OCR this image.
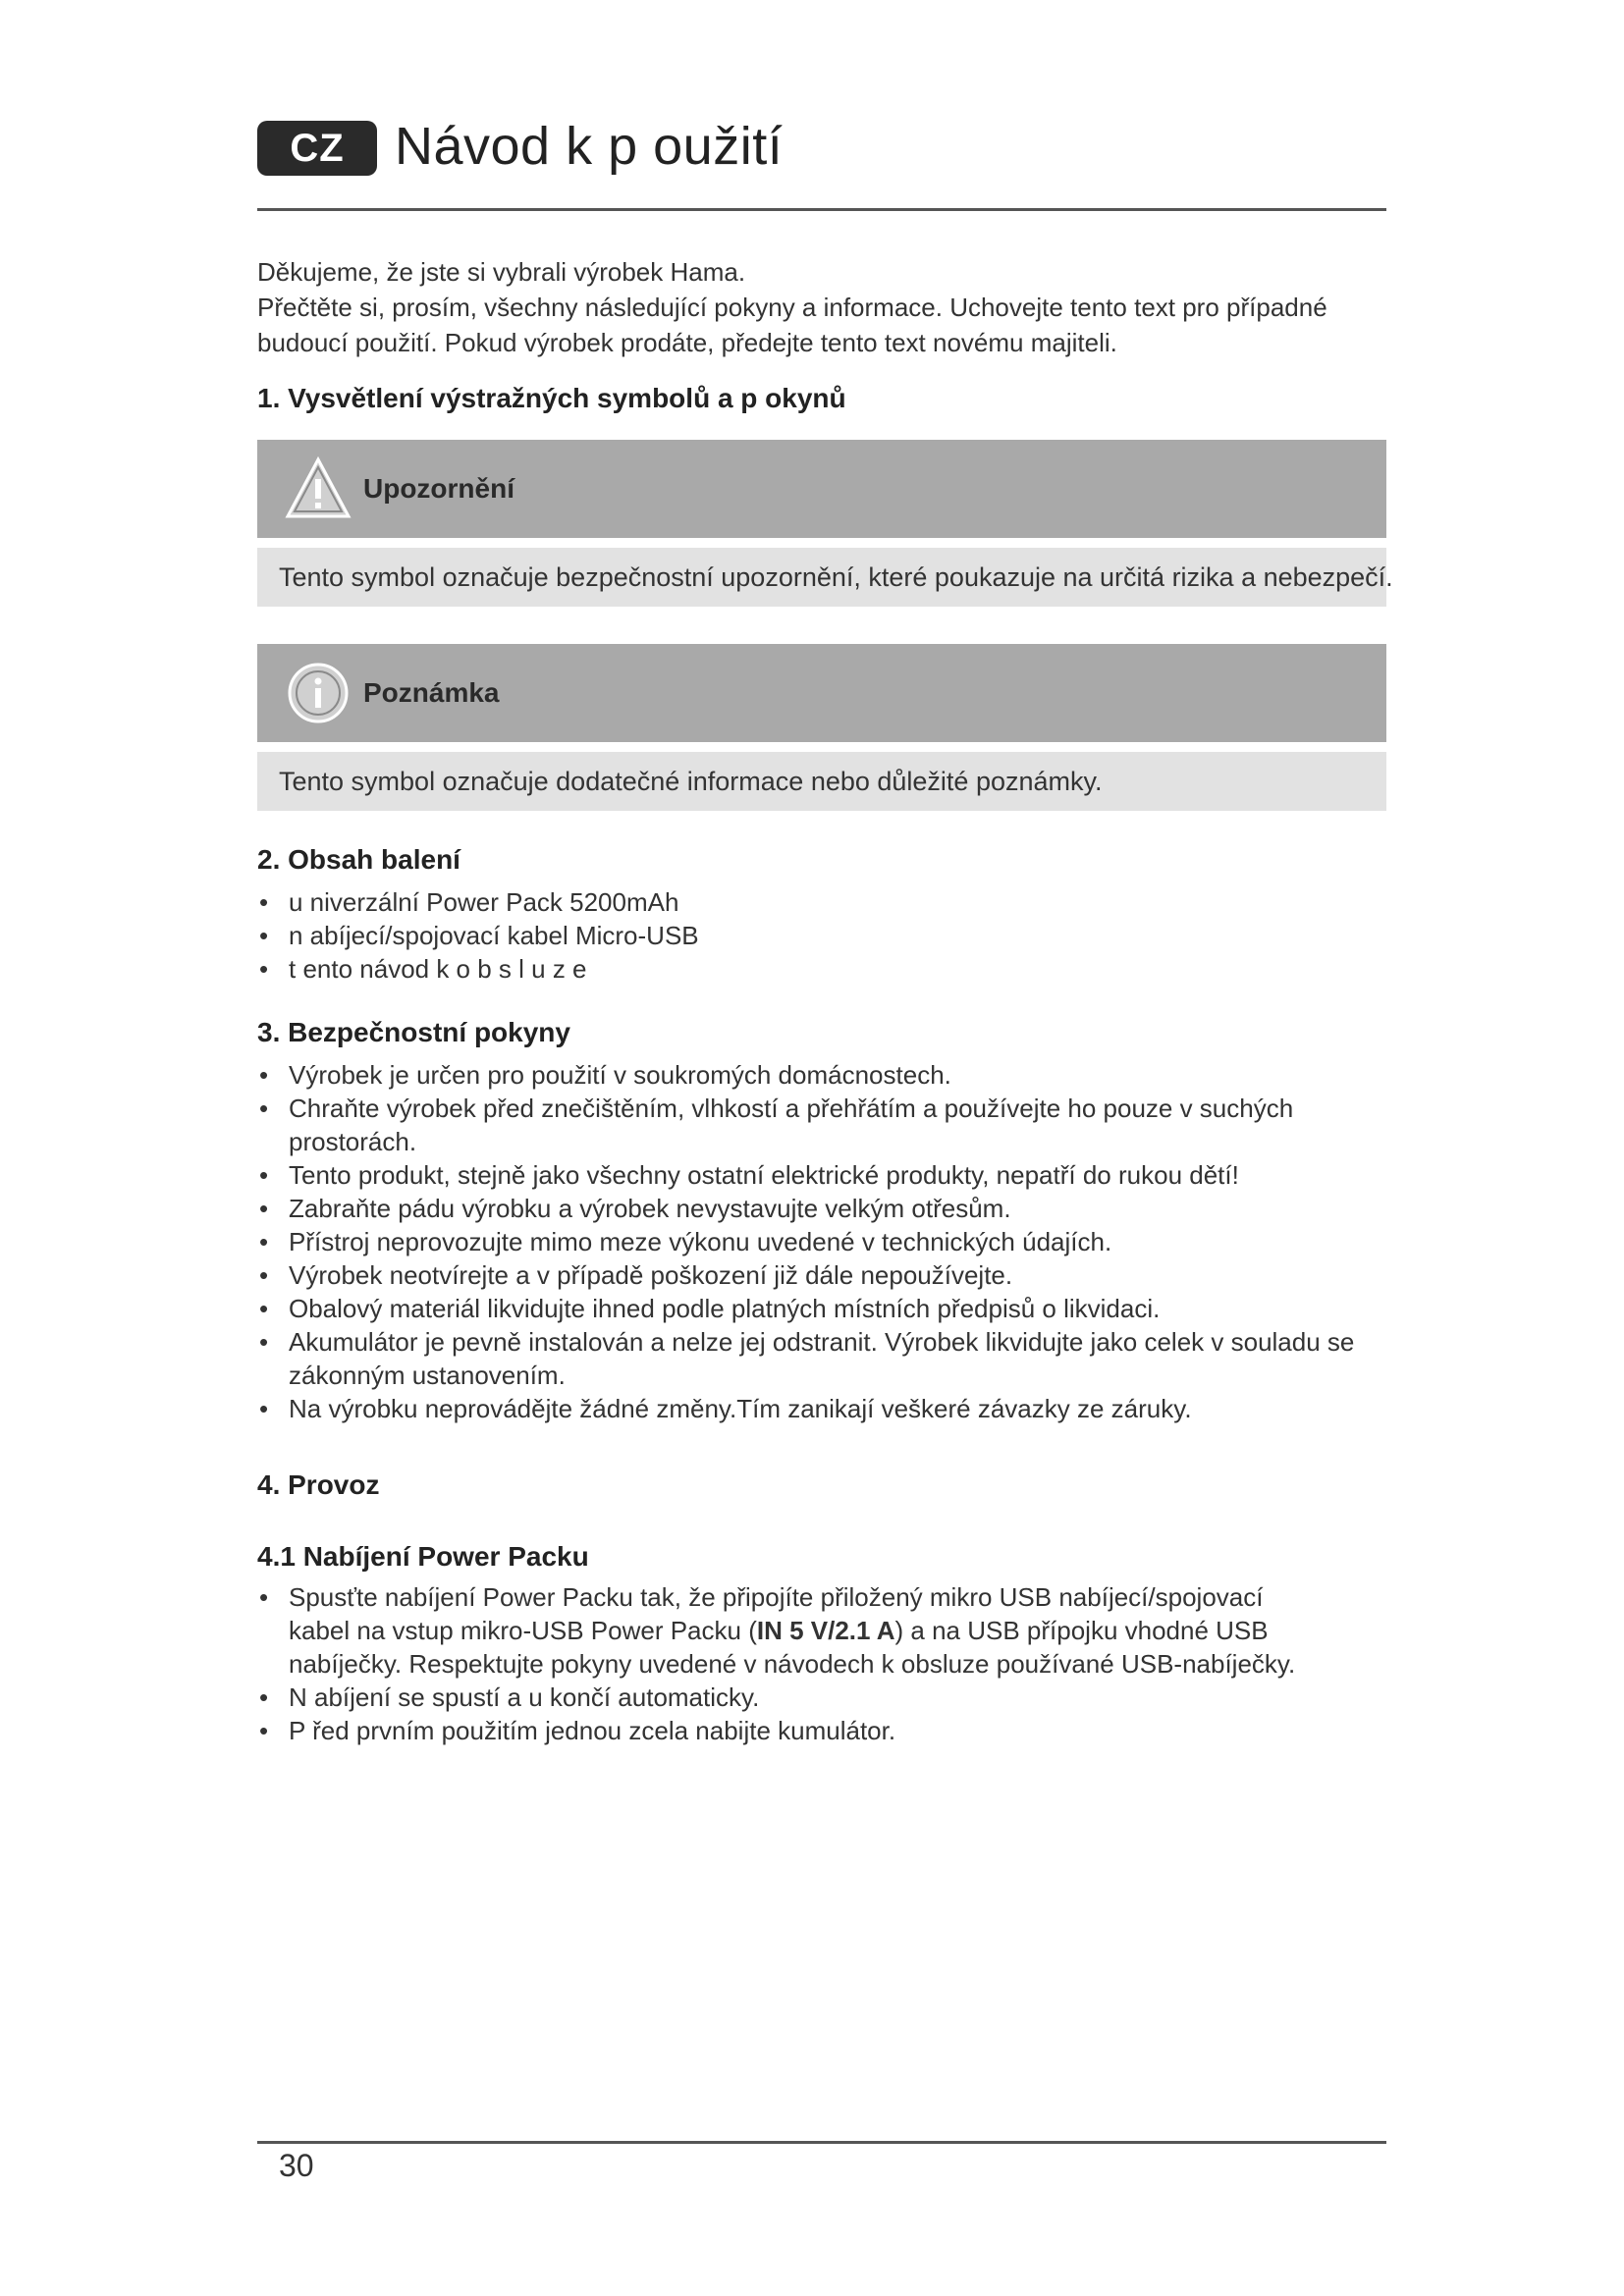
CZ Návod k p oužití

Děkujeme, že jste si vybrali výrobek Hama.

Přečtěte si, prosím, všechny následující pokyny a informace. Uchovejte tento text pro případné budoucí použití. Pokud výrobek prodáte, předejte tento text novému majiteli.

1. Vysvětlení výstražných symbolů a p okynů
Upozornění
Tento symbol označuje bezpečnostní upozornění, které poukazuje na určitá rizika a nebezpečí.
Poznámka
Tento symbol označuje dodatečné informace nebo důležité poznámky.
2. Obsah balení
• u niverzální Power Pack 5200mAh
• n abíjecí/spojovací kabel Micro-USB
• t ento návod k o b s l u z e
3. Bezpečnostní pokyny
• Výrobek je určen pro použití v soukromých domácnostech.
• Chraňte výrobek před znečištěním, vlhkostí a přehřátím a používejte ho pouze v suchých prostorách.
• Tento produkt, stejně jako všechny ostatní elektrické produkty, nepatří do rukou dětí!
• Zabraňte pádu výrobku a výrobek nevystavujte velkým otřesům.
• Přístroj neprovozujte mimo meze výkonu uvedené v technických údajích.
• Výrobek neotvírejte a v případě poškození již dále nepoužívejte.
• Obalový materiál likvidujte ihned podle platných místních předpisů o likvidaci.
• Akumulátor je pevně instalován a nelze jej odstranit. Výrobek likvidujte jako celek v souladu se zákonným ustanovením.
• Na výrobku neprovádějte žádné změny.Tím zanikají veškeré závazky ze záruky.
4. Provoz
4.1 Nabíjení Power Packu
• Spusťte nabíjení Power Packu tak, že připojíte přiložený mikro USB nabíjecí/spojovací kabel na vstup mikro-USB Power Packu (IN 5 V/2.1 A) a na USB přípojku vhodné USB nabíječky. Respektujte pokyny uvedené v návodech k obsluze používané USB-nabíječky.
• N abíjení se spustí a u končí automaticky.
• P řed prvním použitím jednou zcela nabijte kumulátor.
30
